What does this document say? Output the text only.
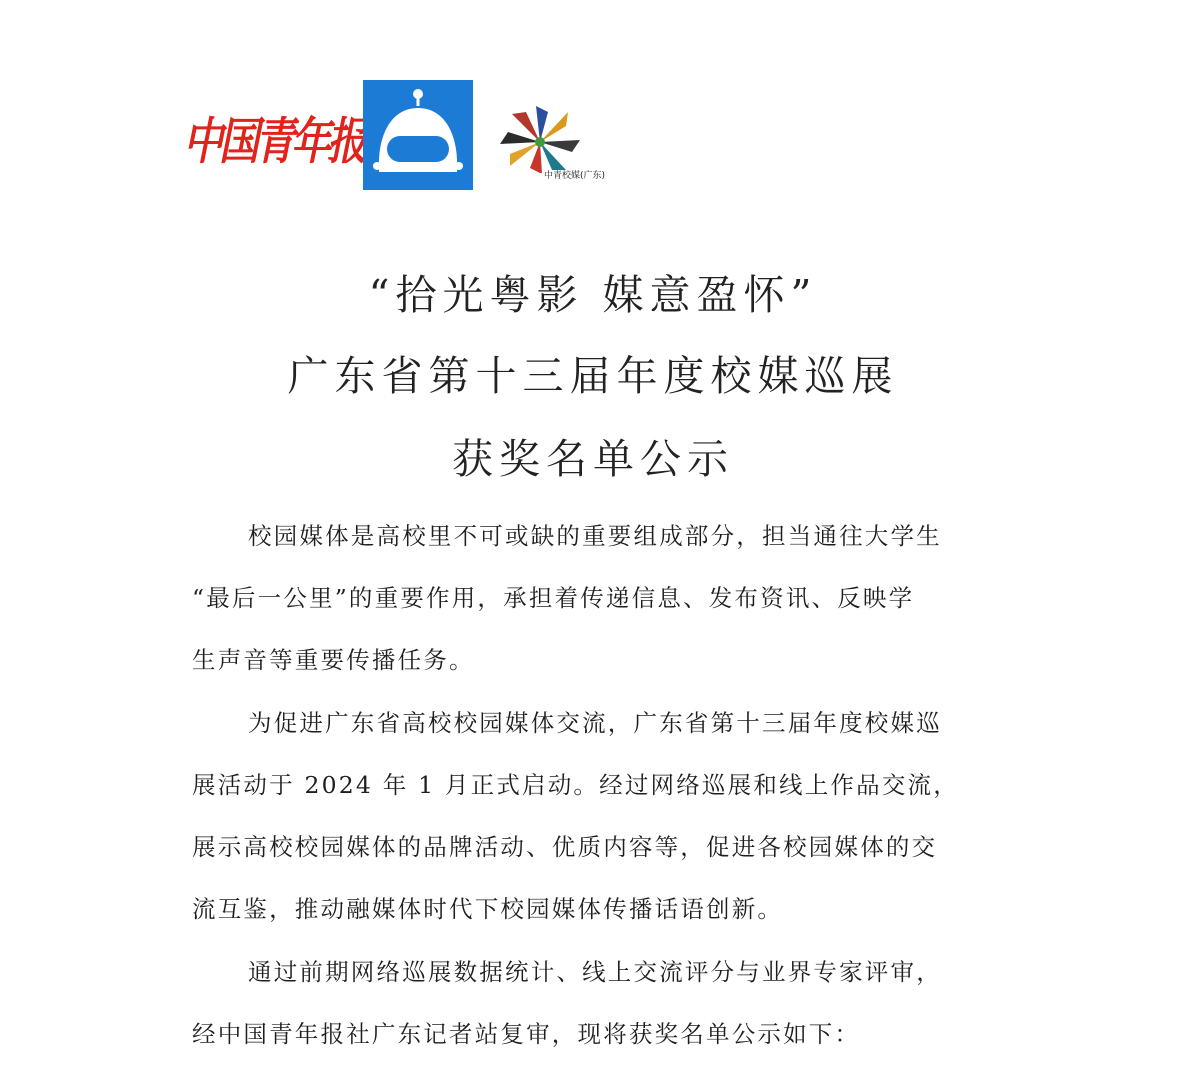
中国青年报
中青校媒(广东)
“拾光粤影 媒意盈怀”
广东省第十三届年度校媒巡展
获奖名单公示

校园媒体是高校里不可或缺的重要组成部分，担当通往大学生
“最后一公里”的重要作用，承担着传递信息、发布资讯、反映学
生声音等重要传播任务。

为促进广东省高校校园媒体交流，广东省第十三届年度校媒巡
展活动于 2024 年 1 月正式启动。经过网络巡展和线上作品交流，
展示高校校园媒体的品牌活动、优质内容等，促进各校园媒体的交
流互鉴，推动融媒体时代下校园媒体传播话语创新。

通过前期网络巡展数据统计、线上交流评分与业界专家评审，
经中国青年报社广东记者站复审，现将获奖名单公示如下：
